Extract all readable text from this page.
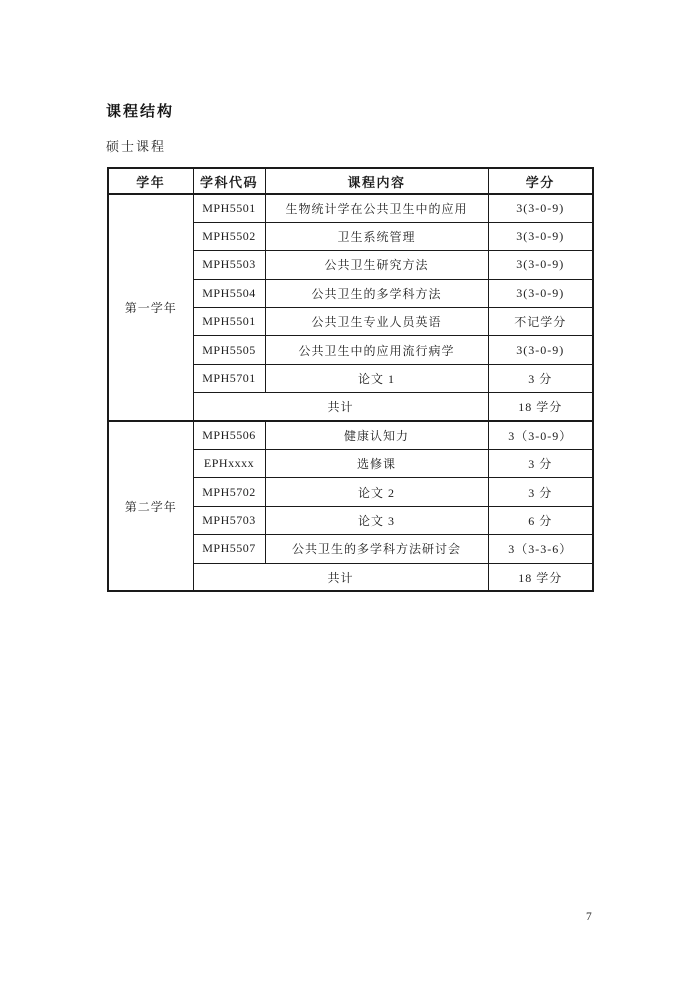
课程结构
硕士课程
学年	学科代码	课程内容	学分
第一学年	MPH5501	生物统计学在公共卫生中的应用	3(3-0-9)
	MPH5502	卫生系统管理	3(3-0-9)
	MPH5503	公共卫生研究方法	3(3-0-9)
	MPH5504	公共卫生的多学科方法	3(3-0-9)
	MPH5501	公共卫生专业人员英语	不记学分
	MPH5505	公共卫生中的应用流行病学	3(3-0-9)
	MPH5701	论文 1	3 分
	共计		18 学分
第二学年	MPH5506	健康认知力	3（3-0-9）
	EPHxxxx	选修课	3 分
	MPH5702	论文 2	3 分
	MPH5703	论文 3	6 分
	MPH5507	公共卫生的多学科方法研讨会	3（3-3-6）
	共计		18 学分
7
